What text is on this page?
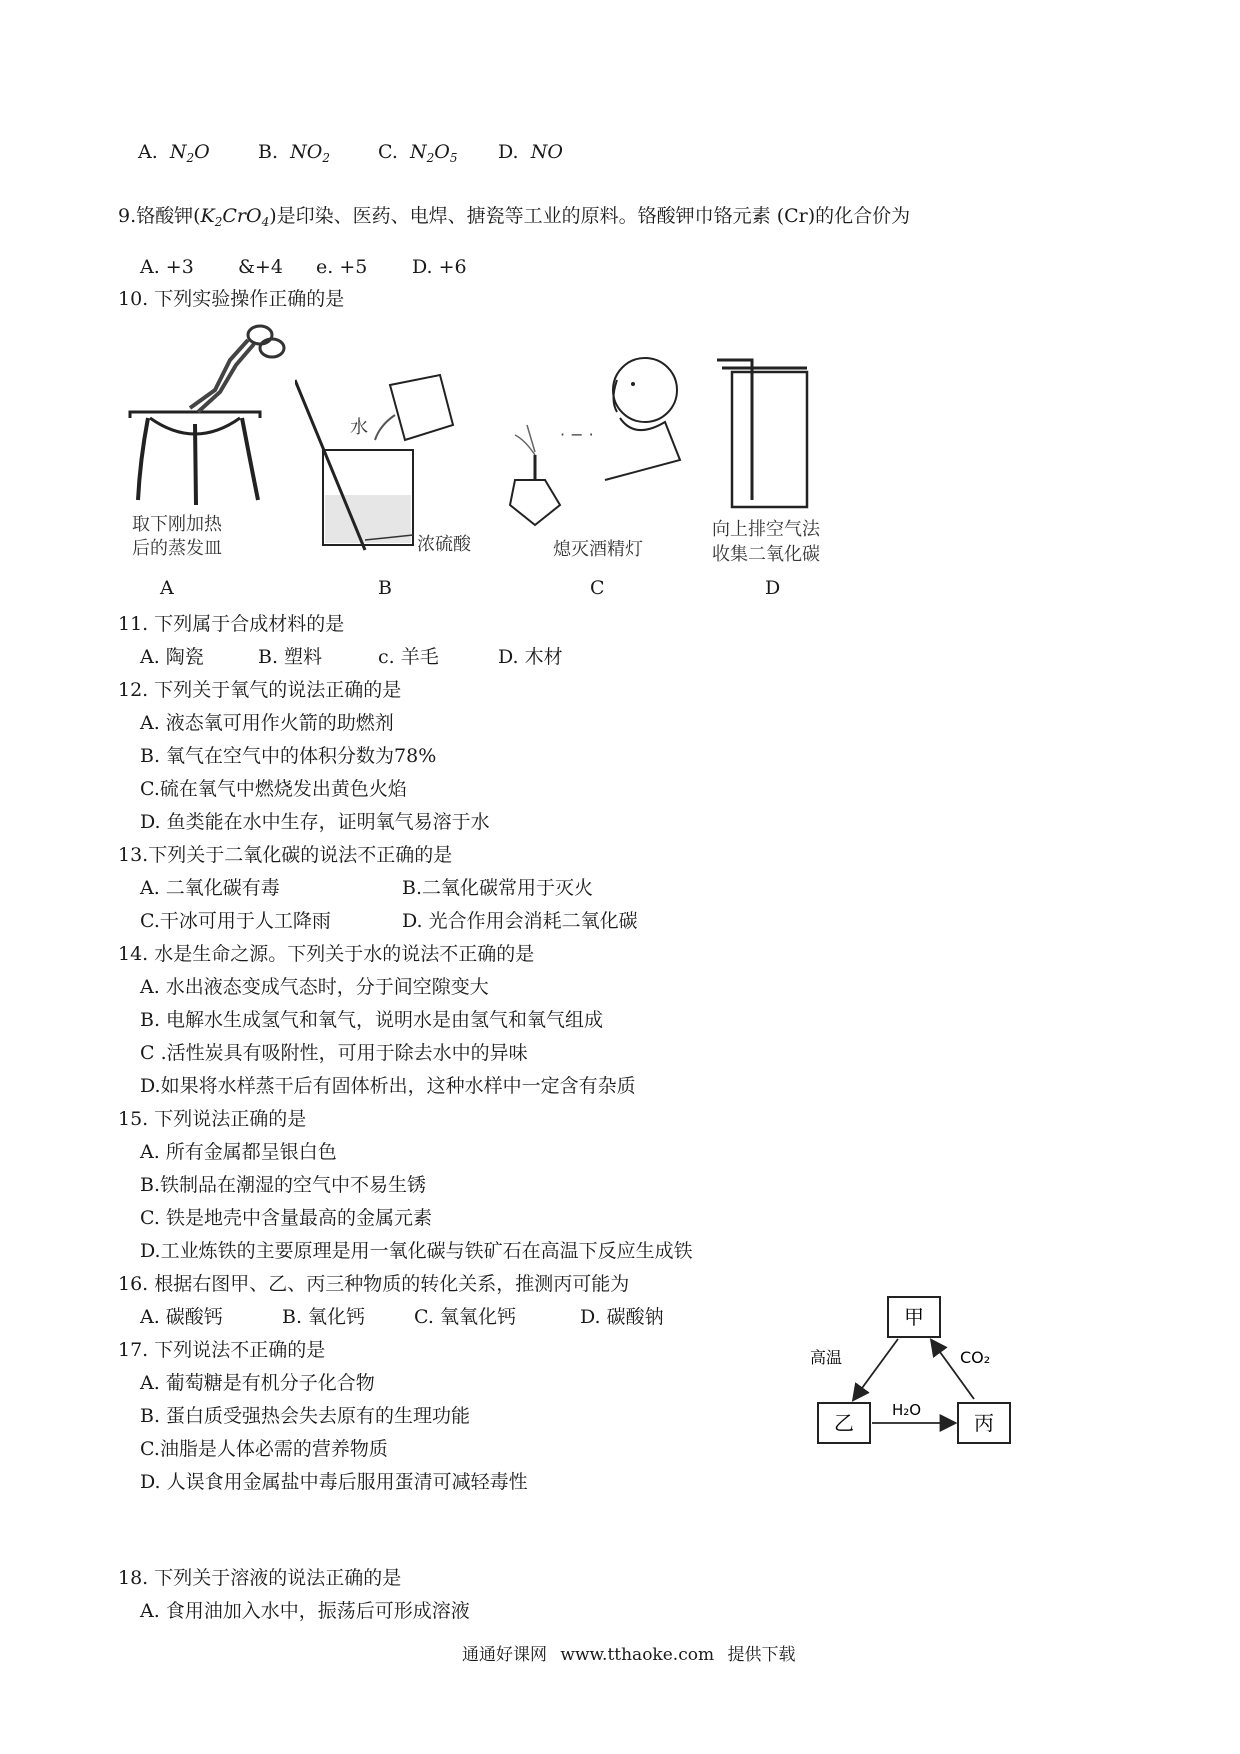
A. $N_2O$	B. $NO_2$	C. $N_2O_5$ D. NO
9.铬酸钾$(K_2CrO_4)$是印染、医药、电焊、搪瓷等工业的原料。铬酸钾巾铬元素 (Cr)的化合价为
A. +3 &+4 e. +5 D. +6
10. 下列实验操作正确的是
取下刚加热
后的蒸发皿
水
浓硫酸
· − ·
熄灭酒精灯
向上排空气法
收集二氧化碳
A	B	C	D
11. 下列属于合成材料的是
A. 陶瓷	B. 塑料	c. 羊毛	D. 木材
12. 下列关于氧气的说法正确的是
A. 液态氧可用作火箭的助燃剂
B. 氧气在空气中的体积分数为78%
C.硫在氧气中燃烧发出黄色火焰
D. 鱼类能在水中生存，证明氧气易溶于水
13.下列关于二氧化碳的说法不正确的是
A. 二氧化碳有毒	B.二氧化碳常用于灭火
C.干冰可用于人工降雨	D. 光合作用会消耗二氧化碳
14. 水是生命之源。下列关于水的说法不正确的是
A. 水出液态变成气态时，分于间空隙变大
B. 电解水生成氢气和氧气，说明水是由氢气和氧气组成
C .活性炭具有吸附性，可用于除去水中的异味
D.如果将水样蒸干后有固体析出，这种水样中一定含有杂质
15. 下列说法正确的是
A. 所有金属都呈银白色
B.铁制品在潮湿的空气中不易生锈
C. 铁是地壳中含量最高的金属元素
D.工业炼铁的主要原理是用一氧化碳与铁矿石在高温下反应生成铁
16. 根据右图甲、乙、丙三种物质的转化关系，推测丙可能为
A. 碳酸钙	B. 氧化钙	C. 氧氧化钙	D. 碳酸钠	甲
乙	丙
高温	CO₂
H₂O
17. 下列说法不正确的是
A. 葡萄糖是有机分子化合物
B. 蛋白质受强热会失去原有的生理功能
C.油脂是人体必需的营养物质
D. 人误食用金属盐中毒后服用蛋清可减轻毒性
18. 下列关于溶液的说法正确的是
A. 食用油加入水中，振荡后可形成溶液
通通好课网 www.tthaoke.com 提供下载
